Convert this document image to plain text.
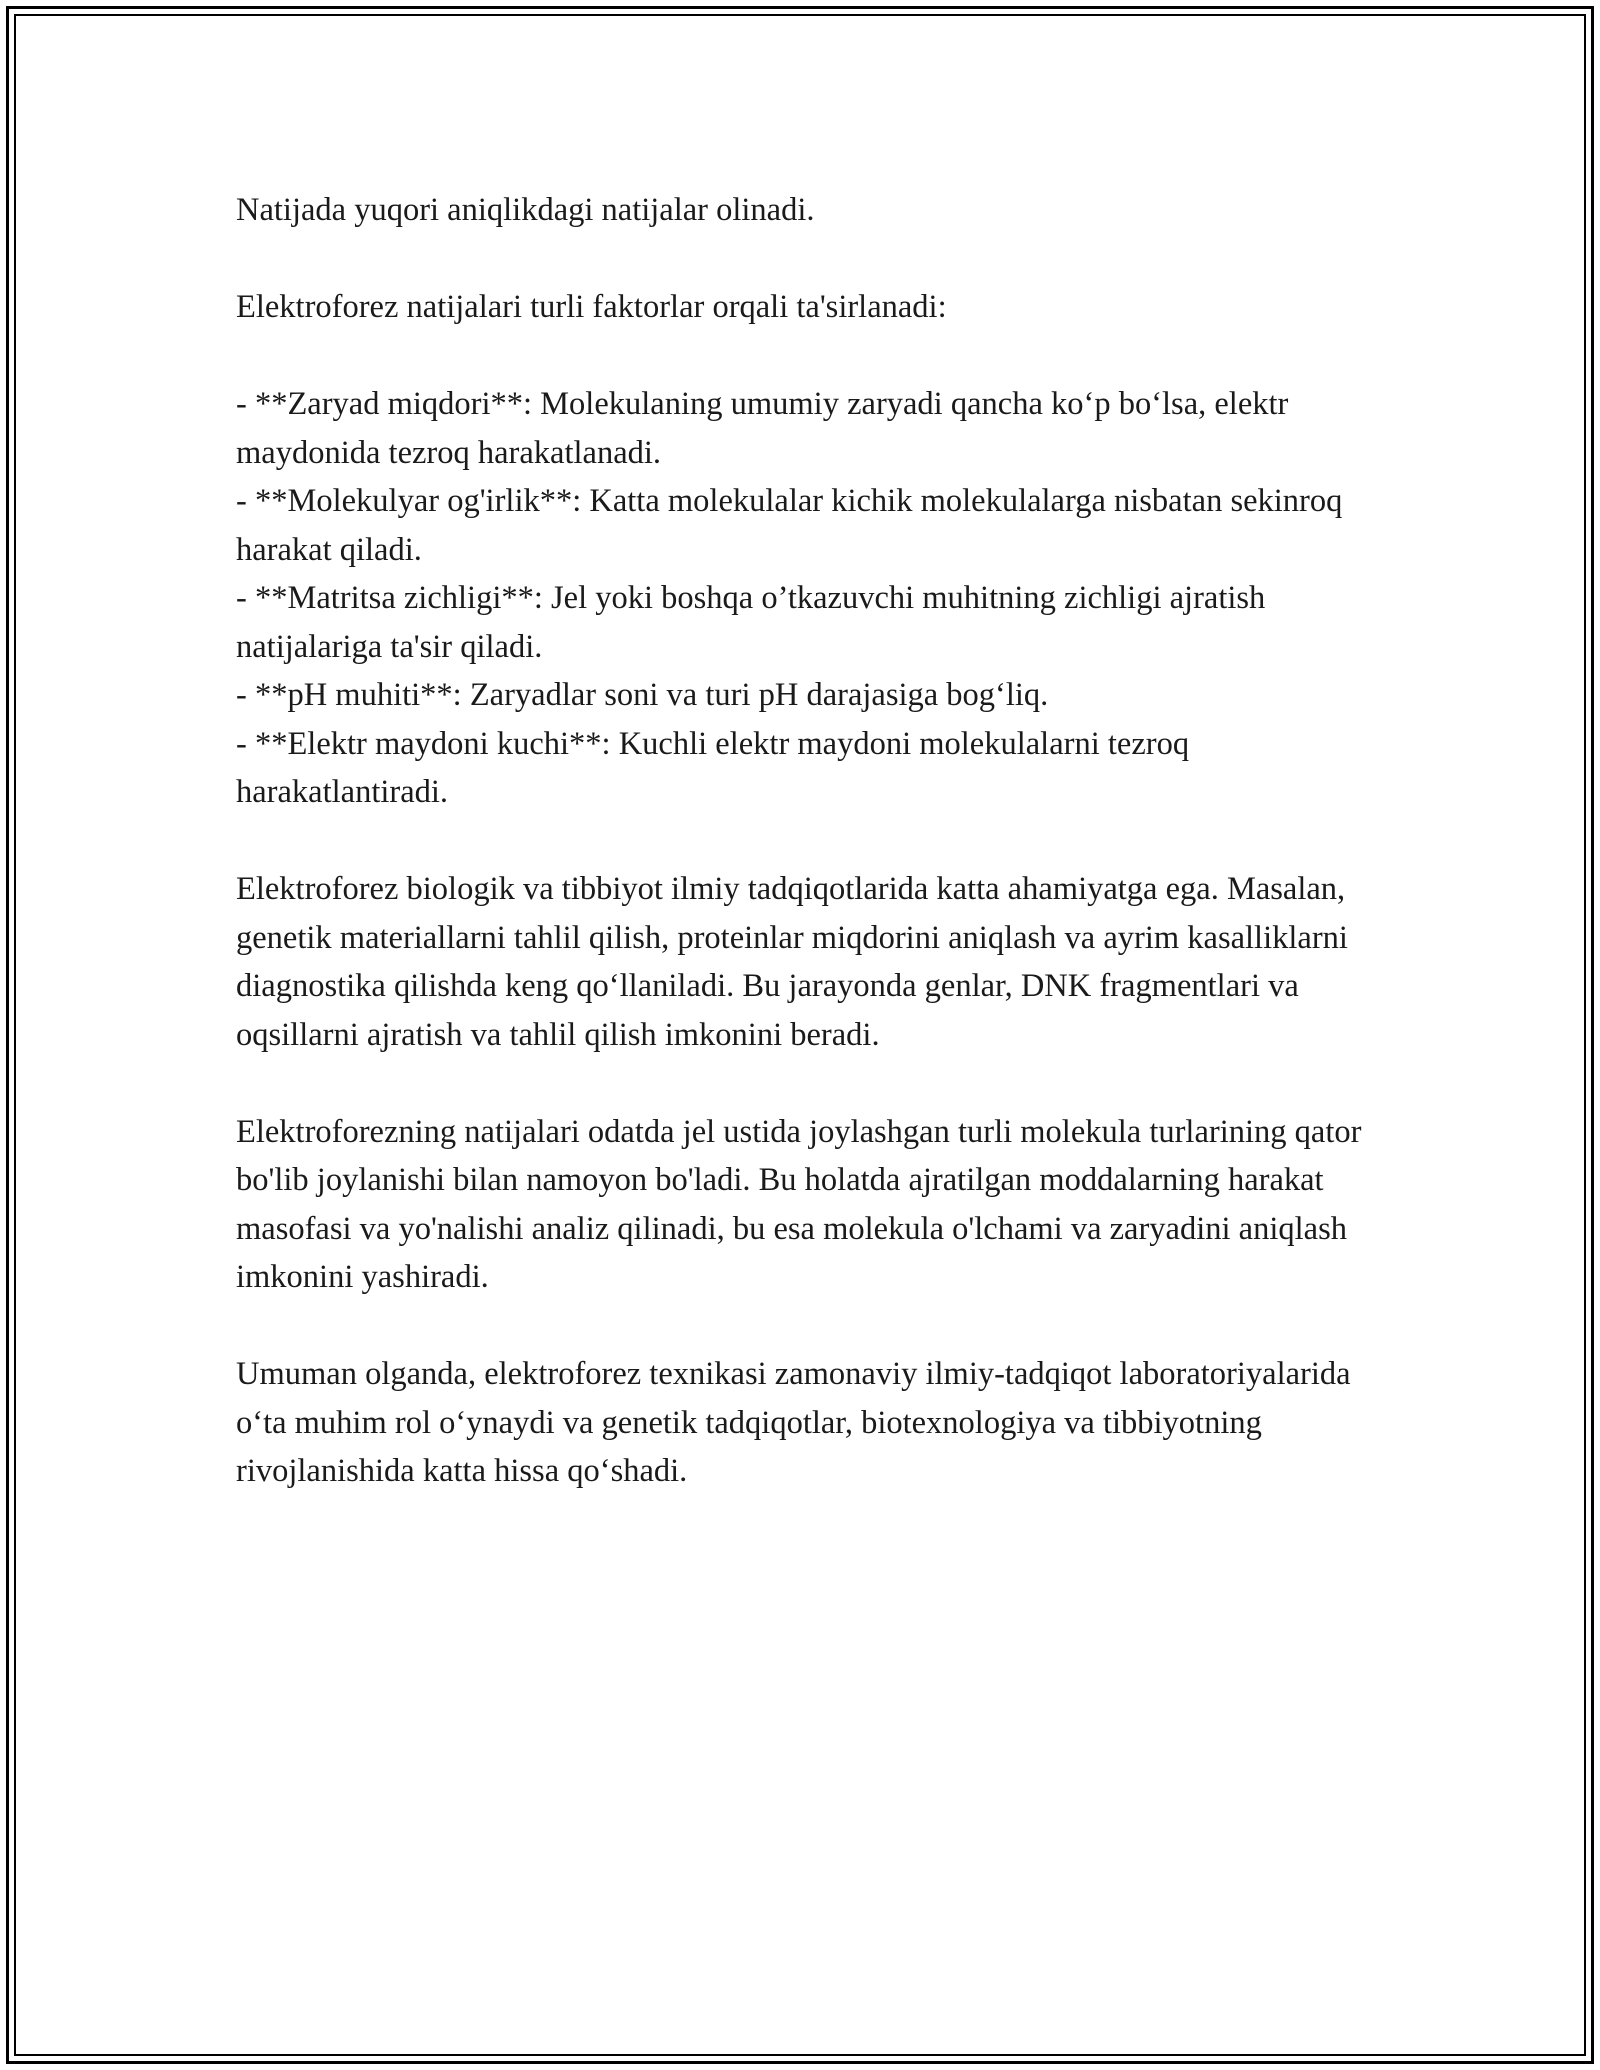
Natijada yuqori aniqlikdagi natijalar olinadi.

Elektroforez natijalari turli faktorlar orqali ta'sirlanadi:

- **Zaryad miqdori**: Molekulaning umumiy zaryadi qancha ko‘p bo‘lsa, elektr maydonida tezroq harakatlanadi.

- **Molekulyar og'irlik**: Katta molekulalar kichik molekulalarga nisbatan sekinroq harakat qiladi.

- **Matritsa zichligi**: Jel yoki boshqa o’tkazuvchi muhitning zichligi ajratish natijalariga ta'sir qiladi.

- **pH muhiti**: Zaryadlar soni va turi pH darajasiga bog‘liq.

- **Elektr maydoni kuchi**: Kuchli elektr maydoni molekulalarni tezroq harakatlantiradi.

Elektroforez biologik va tibbiyot ilmiy tadqiqotlarida katta ahamiyatga ega. Masalan, genetik materiallarni tahlil qilish, proteinlar miqdorini aniqlash va ayrim kasalliklarni diagnostika qilishda keng qo‘llaniladi. Bu jarayonda genlar, DNK fragmentlari va oqsillarni ajratish va tahlil qilish imkonini beradi.

Elektroforezning natijalari odatda jel ustida joylashgan turli molekula turlarining qator bo'lib joylanishi bilan namoyon bo'ladi. Bu holatda ajratilgan moddalarning harakat masofasi va yo'nalishi analiz qilinadi, bu esa molekula o'lchami va zaryadini aniqlash imkonini yashiradi.

Umuman olganda, elektroforez texnikasi zamonaviy ilmiy-tadqiqot laboratoriyalarida o‘ta muhim rol o‘ynaydi va genetik tadqiqotlar, biotexnologiya va tibbiyotning rivojlanishida katta hissa qo‘shadi.
